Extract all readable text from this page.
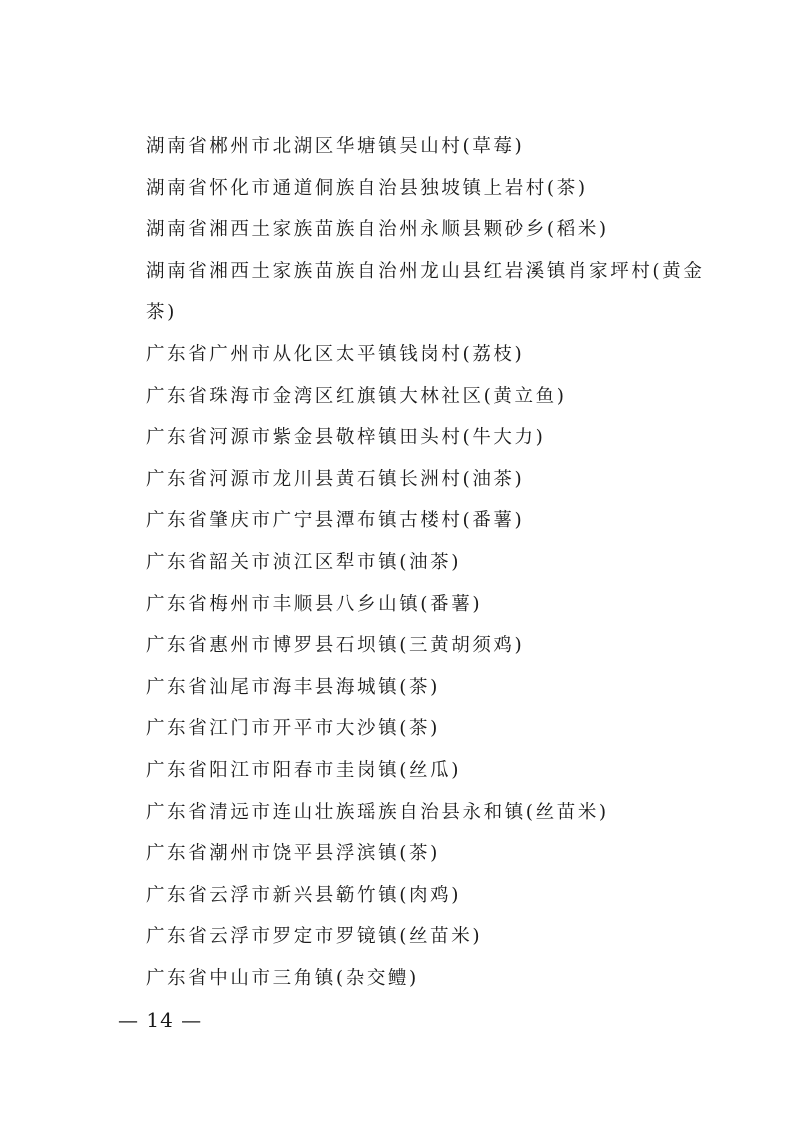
湖南省郴州市北湖区华塘镇吴山村(草莓)
湖南省怀化市通道侗族自治县独坡镇上岩村(茶)
湖南省湘西土家族苗族自治州永顺县颗砂乡(稻米)
湖南省湘西土家族苗族自治州龙山县红岩溪镇肖家坪村(黄金茶)
广东省广州市从化区太平镇钱岗村(荔枝)
广东省珠海市金湾区红旗镇大林社区(黄立鱼)
广东省河源市紫金县敬梓镇田头村(牛大力)
广东省河源市龙川县黄石镇长洲村(油茶)
广东省肇庆市广宁县潭布镇古楼村(番薯)
广东省韶关市浈江区犁市镇(油茶)
广东省梅州市丰顺县八乡山镇(番薯)
广东省惠州市博罗县石坝镇(三黄胡须鸡)
广东省汕尾市海丰县海城镇(茶)
广东省江门市开平市大沙镇(茶)
广东省阳江市阳春市圭岗镇(丝瓜)
广东省清远市连山壮族瑶族自治县永和镇(丝苗米)
广东省潮州市饶平县浮滨镇(茶)
广东省云浮市新兴县簕竹镇(肉鸡)
广东省云浮市罗定市罗镜镇(丝苗米)
广东省中山市三角镇(杂交鳢)
— 14 —
